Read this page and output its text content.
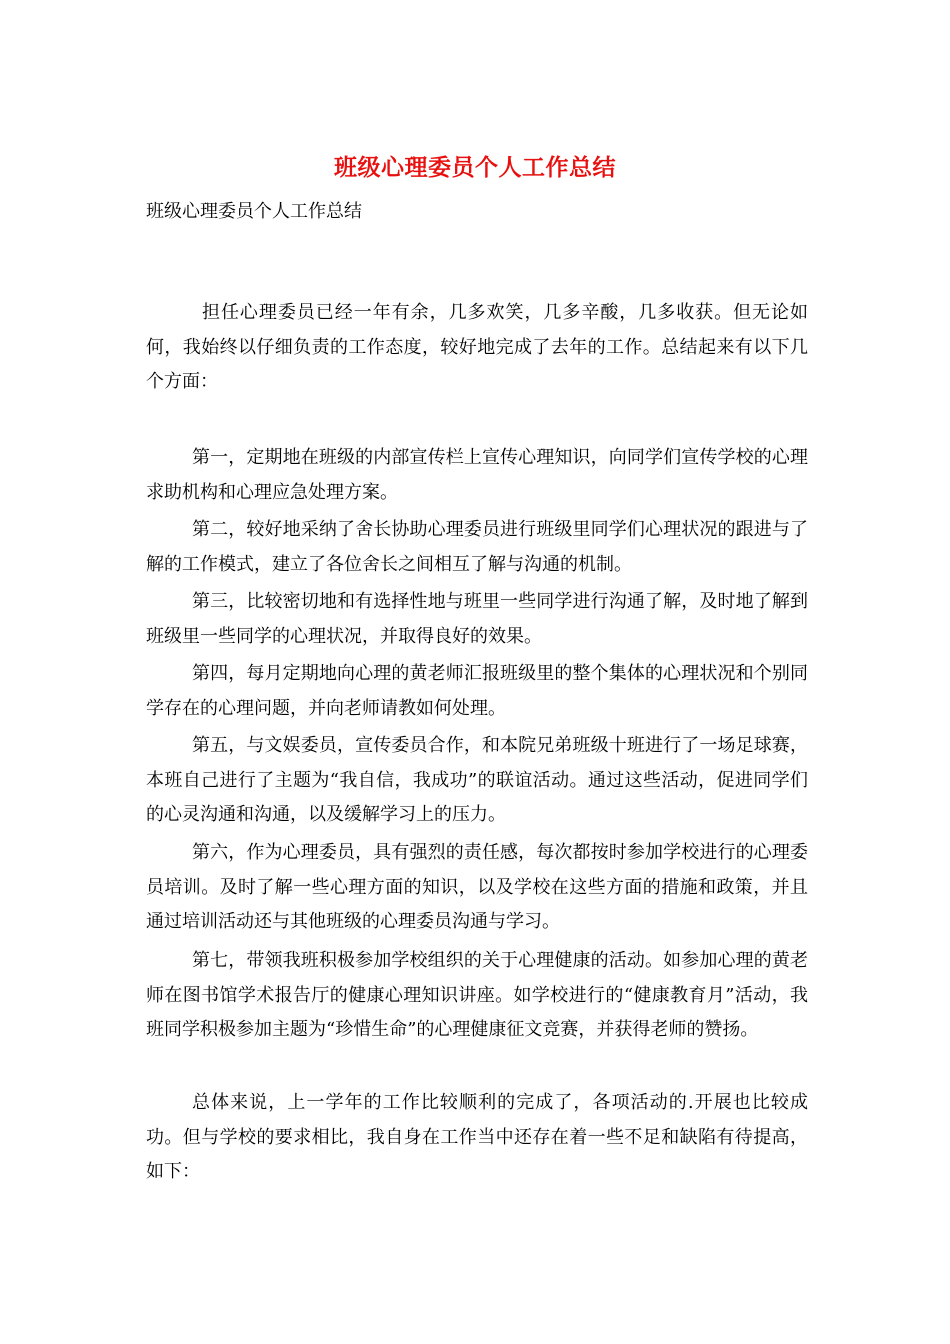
班级心理委员个人工作总结
班级心理委员个人工作总结

担任心理委员已经一年有余，几多欢笑，几多辛酸，几多收获。但无论如何，我始终以仔细负责的工作态度，较好地完成了去年的工作。总结起来有以下几个方面：

第一，定期地在班级的内部宣传栏上宣传心理知识，向同学们宣传学校的心理求助机构和心理应急处理方案。

第二，较好地采纳了舍长协助心理委员进行班级里同学们心理状况的跟进与了解的工作模式，建立了各位舍长之间相互了解与沟通的机制。

第三，比较密切地和有选择性地与班里一些同学进行沟通了解，及时地了解到班级里一些同学的心理状况，并取得良好的效果。

第四，每月定期地向心理的黄老师汇报班级里的整个集体的心理状况和个别同学存在的心理问题，并向老师请教如何处理。

第五，与文娱委员，宣传委员合作，和本院兄弟班级十班进行了一场足球赛，本班自己进行了主题为“我自信，我成功”的联谊活动。通过这些活动，促进同学们的心灵沟通和沟通，以及缓解学习上的压力。

第六，作为心理委员，具有强烈的责任感，每次都按时参加学校进行的心理委员培训。及时了解一些心理方面的知识，以及学校在这些方面的措施和政策，并且通过培训活动还与其他班级的心理委员沟通与学习。

第七，带领我班积极参加学校组织的关于心理健康的活动。如参加心理的黄老师在图书馆学术报告厅的健康心理知识讲座。如学校进行的“健康教育月”活动，我班同学积极参加主题为“珍惜生命”的心理健康征文竞赛，并获得老师的赞扬。

总体来说，上一学年的工作比较顺利的完成了，各项活动的.开展也比较成功。但与学校的要求相比，我自身在工作当中还存在着一些不足和缺陷有待提高，如下：
